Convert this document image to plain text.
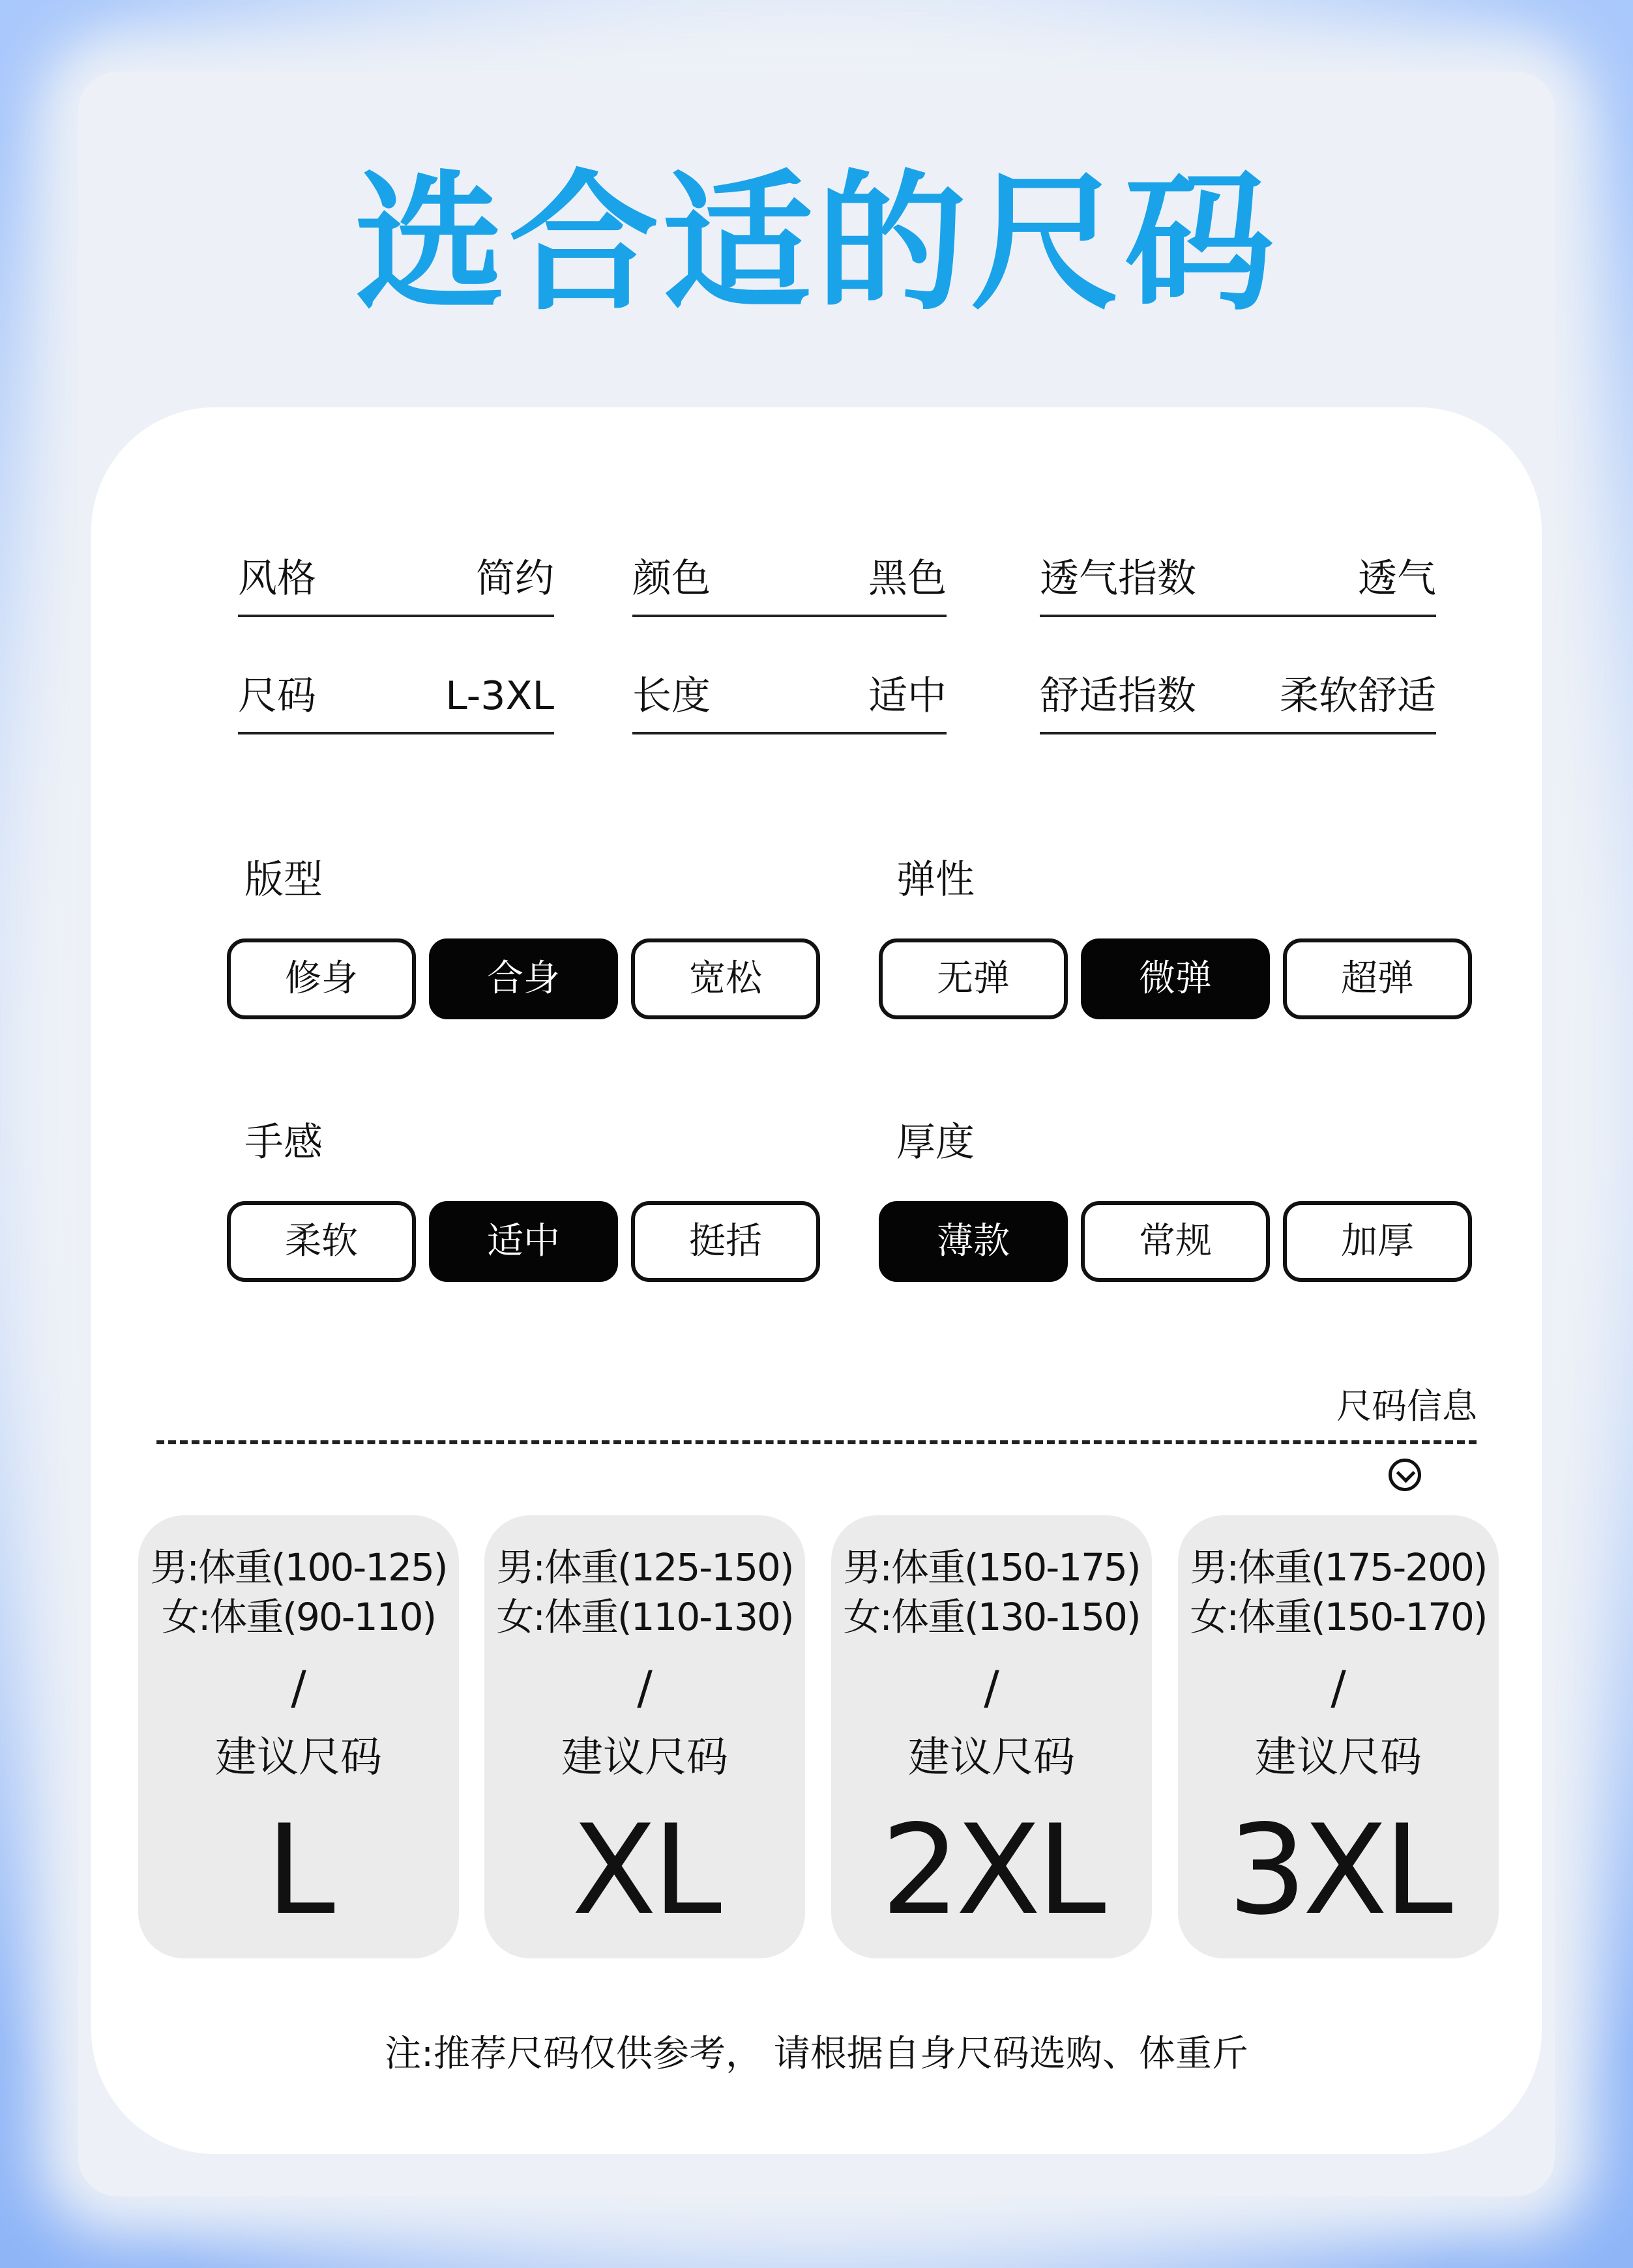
选合适的尺码
风格	简约 颜色	黑色 透气指数	透气
尺码	L-3XL 长度	适中 舒适指数 柔软舒适
版型
修身	合身	宽松
弹性
无弹	微弹	超弹
手感
柔软	适中	挺括
厚度
薄款	常规	加厚
尺码信息
男:体重(100-125)
女:体重(90-110)
/
建议尺码
L
男:体重(125-150)
女:体重(110-130)
/
建议尺码
XL
男:体重(150-175)
女:体重(130-150)
/
建议尺码
2XL
男:体重(175-200)
女:体重(150-170)
/
建议尺码
3XL
注:推荐尺码仅供参考， 请根据自身尺码选购、体重斤
